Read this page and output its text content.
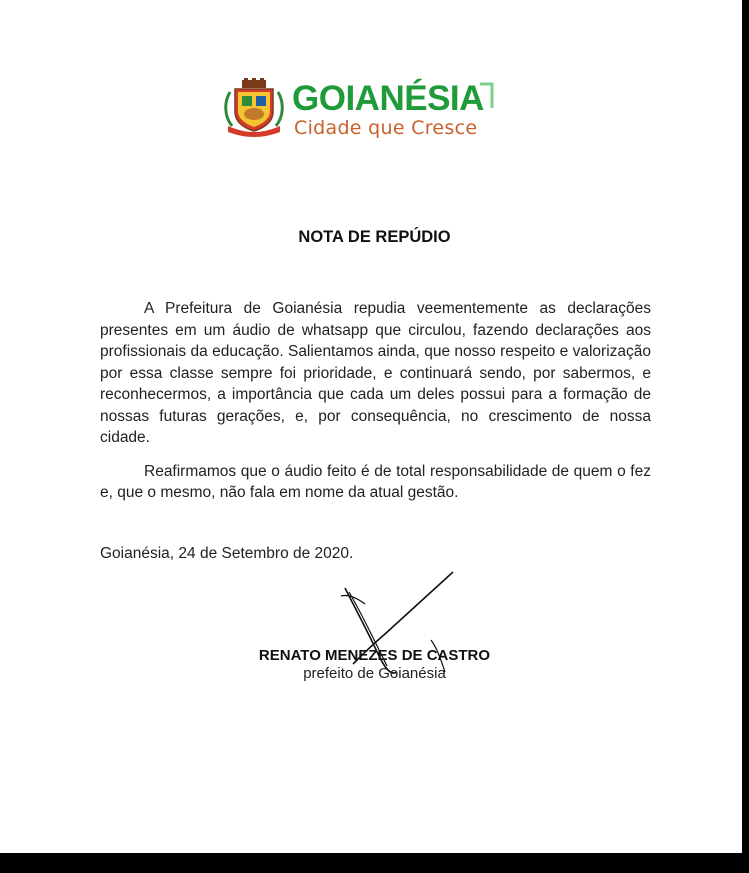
GOIANÉSIA
Cidade que Cresce
NOTA DE REPÚDIO

A Prefeitura de Goianésia repudia veementemente as declarações presentes em um áudio de whatsapp que circulou, fazendo declarações aos profissionais da educação. Salientamos ainda, que nosso respeito e valorização por essa classe sempre foi prioridade, e continuará sendo, por sabermos, e reconhecermos, a importância que cada um deles possui para a formação de nossas futuras gerações, e, por consequência, no crescimento de nossa cidade.

Reafirmamos que o áudio feito é de total responsabilidade de quem o fez e, que o mesmo, não fala em nome da atual gestão.

Goianésia, 24 de Setembro de 2020.
RENATO MENEZES DE CASTRO
prefeito de Goianésia
